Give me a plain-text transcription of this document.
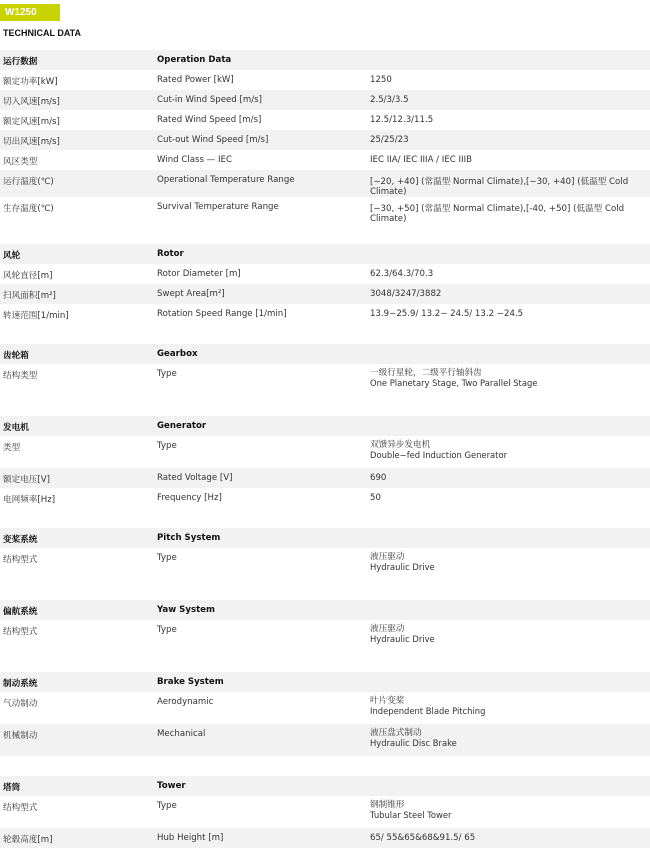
W1250
TECHNICAL DATA
运行数据	Operation Data
额定功率[kW]	Rated Power [kW]	1250
切入风速[m/s]	Cut-in Wind Speed [m/s]	2.5/3/3.5
额定风速[m/s]	Rated Wind Speed [m/s]	12.5/12.3/11.5
切出风速[m/s]	Cut-out Wind Speed [m/s]	25/25/23
风区类型	Wind Class — IEC	IEC IIA/ IEC IIIA / IEC IIIB
运行温度(℃)	Operational Temperature Range	[−20, +40] (常温型 Normal Climate),[−30, +40] (低温型 Cold Climate)
生存温度(℃)	Survival Temperature Range	[−30, +50] (常温型 Normal Climate),[-40, +50] (低温型 Cold Climate)
风轮	Rotor
风轮直径[m]	Rotor Diameter [m]	62.3/64.3/70.3
扫风面积[m²]	Swept Area[m²]	3048/3247/3882
转速范围[1/min]	Rotation Speed Range [1/min]	13.9−25.9/ 13.2− 24.5/ 13.2 −24.5
齿轮箱	Gearbox
结构类型	Type	一级行星轮，二级平行轴斜齿
One Planetary Stage, Two Parallel Stage
发电机	Generator
类型	Type	双馈异步发电机
Double−fed Induction Generator
额定电压[V]	Rated Voltage [V]	690
电网频率[Hz]	Frequency [Hz]	50
变桨系统	Pitch System
结构型式	Type	液压驱动
Hydraulic Drive
偏航系统	Yaw System
结构型式	Type	液压驱动
Hydraulic Drive
制动系统	Brake System
气动制动	Aerodynamic	叶片变桨
Independent Blade Pitching
机械制动	Mechanical	液压盘式制动
Hydraulic Disc Brake
塔筒	Tower
结构型式	Type	钢制锥形
Tubular Steel Tower
轮毂高度[m]	Hub Height [m]	65/ 55&65&68&91.5/ 65
